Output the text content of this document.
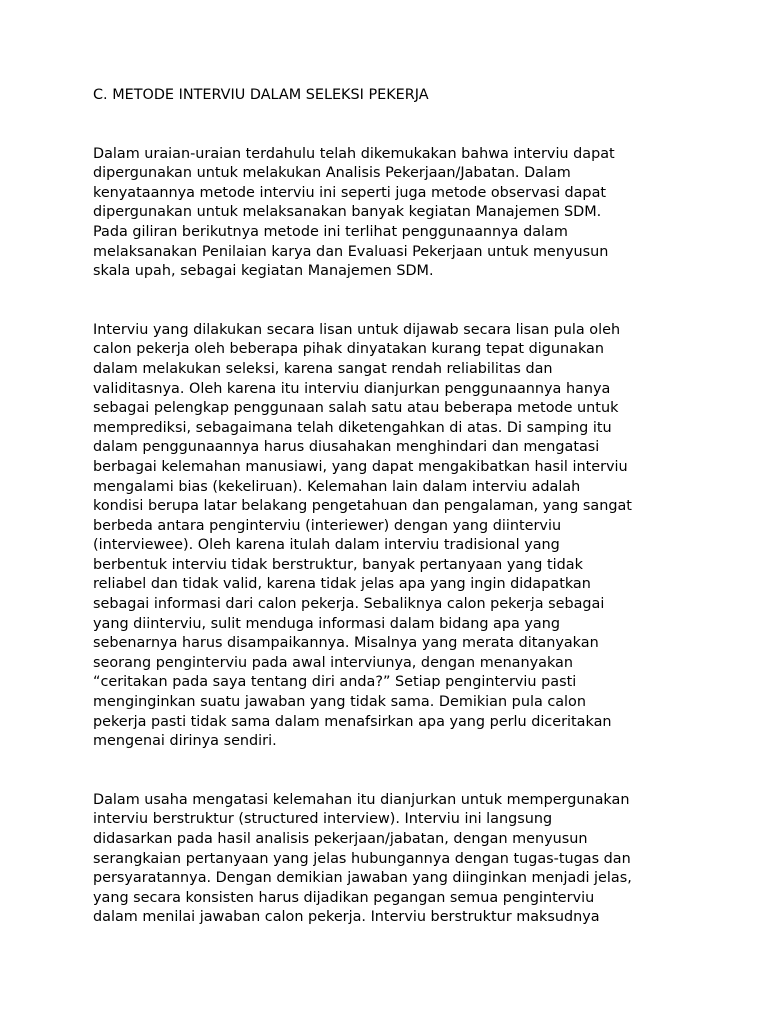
C. METODE INTERVIU DALAM SELEKSI PEKERJA
Dalam uraian-uraian terdahulu telah dikemukakan bahwa interviu dapat
dipergunakan untuk melakukan Analisis Pekerjaan/Jabatan. Dalam
kenyataannya metode interviu ini seperti juga metode observasi dapat
dipergunakan untuk melaksanakan banyak kegiatan Manajemen SDM.
Pada giliran berikutnya metode ini terlihat penggunaannya dalam
melaksanakan Penilaian karya dan Evaluasi Pekerjaan untuk menyusun
skala upah, sebagai kegiatan Manajemen SDM.
Interviu yang dilakukan secara lisan untuk dijawab secara lisan pula oleh
calon pekerja oleh beberapa pihak dinyatakan kurang tepat digunakan
dalam melakukan seleksi, karena sangat rendah reliabilitas dan
validitasnya. Oleh karena itu interviu dianjurkan penggunaannya hanya
sebagai pelengkap penggunaan salah satu atau beberapa metode untuk
memprediksi, sebagaimana telah diketengahkan di atas. Di samping itu
dalam penggunaannya harus diusahakan menghindari dan mengatasi
berbagai kelemahan manusiawi, yang dapat mengakibatkan hasil interviu
mengalami bias (kekeliruan). Kelemahan lain dalam interviu adalah
kondisi berupa latar belakang pengetahuan dan pengalaman, yang sangat
berbeda antara penginterviu (interiewer) dengan yang diinterviu
(interviewee). Oleh karena itulah dalam interviu tradisional yang
berbentuk interviu tidak berstruktur, banyak pertanyaan yang tidak
reliabel dan tidak valid, karena tidak jelas apa yang ingin didapatkan
sebagai informasi dari calon pekerja. Sebaliknya calon pekerja sebagai
yang diinterviu, sulit menduga informasi dalam bidang apa yang
sebenarnya harus disampaikannya. Misalnya yang merata ditanyakan
seorang penginterviu pada awal interviunya, dengan menanyakan
“ceritakan pada saya tentang diri anda?” Setiap penginterviu pasti
menginginkan suatu jawaban yang tidak sama. Demikian pula calon
pekerja pasti tidak sama dalam menafsirkan apa yang perlu diceritakan
mengenai dirinya sendiri.
Dalam usaha mengatasi kelemahan itu dianjurkan untuk mempergunakan
interviu berstruktur (structured interview). Interviu ini langsung
didasarkan pada hasil analisis pekerjaan/jabatan, dengan menyusun
serangkaian pertanyaan yang jelas hubungannya dengan tugas-tugas dan
persyaratannya. Dengan demikian jawaban yang diinginkan menjadi jelas,
yang secara konsisten harus dijadikan pegangan semua penginterviu
dalam menilai jawaban calon pekerja. Interviu berstruktur maksudnya
